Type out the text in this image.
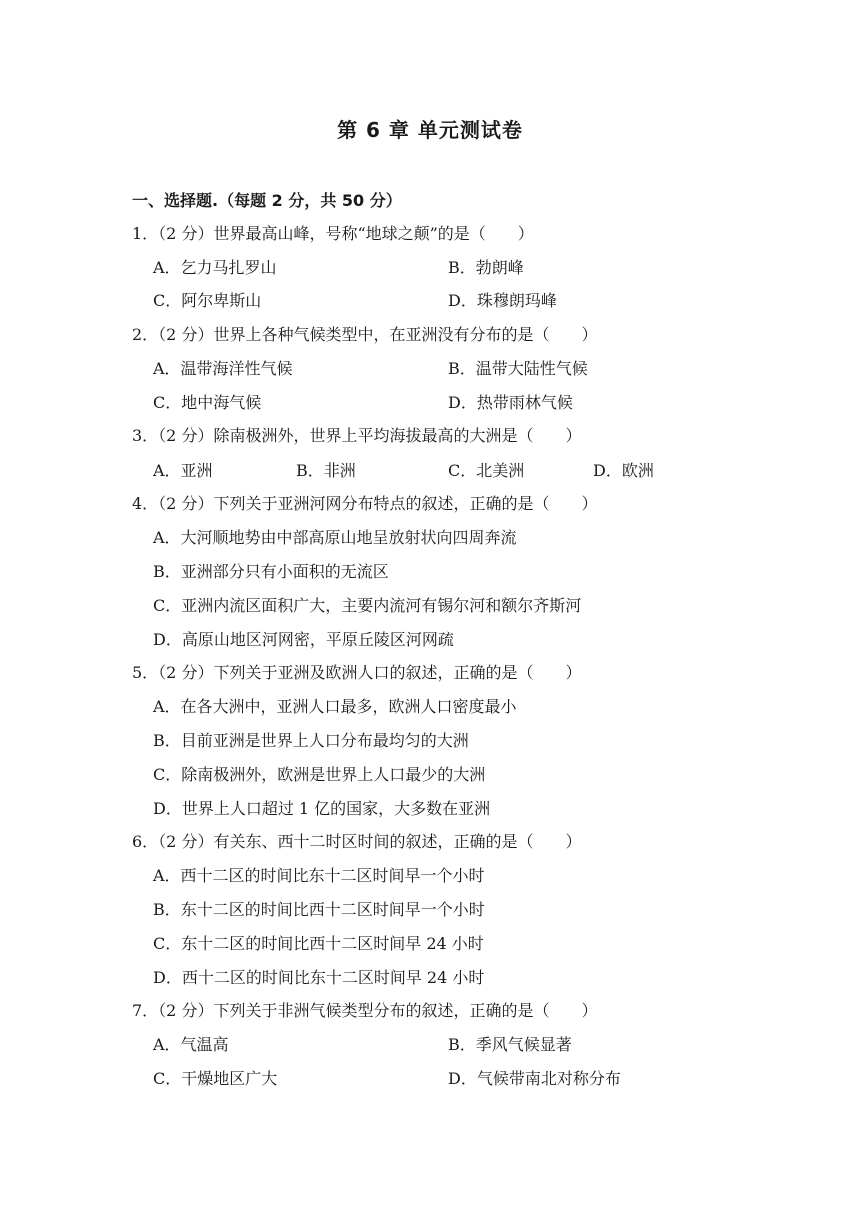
第 6 章 单元测试卷
一、选择题.（每题 2 分，共 50 分）
1．（2 分）世界最高山峰，号称“地球之颠”的是（　　）
A．乞力马扎罗山	B．勃朗峰
C．阿尔卑斯山	D．珠穆朗玛峰
2．（2 分）世界上各种气候类型中，在亚洲没有分布的是（　　）
A．温带海洋性气候	B．温带大陆性气候
C．地中海气候	D．热带雨林气候
3．（2 分）除南极洲外，世界上平均海拔最高的大洲是（　　）
A．亚洲	B．非洲	C．北美洲	D．欧洲
4．（2 分）下列关于亚洲河网分布特点的叙述，正确的是（　　）
A．大河顺地势由中部高原山地呈放射状向四周奔流
B．亚洲部分只有小面积的无流区
C．亚洲内流区面积广大，主要内流河有锡尔河和额尔齐斯河
D．高原山地区河网密，平原丘陵区河网疏
5．（2 分）下列关于亚洲及欧洲人口的叙述，正确的是（　　）
A．在各大洲中，亚洲人口最多，欧洲人口密度最小
B．目前亚洲是世界上人口分布最均匀的大洲
C．除南极洲外，欧洲是世界上人口最少的大洲
D．世界上人口超过 1 亿的国家，大多数在亚洲
6．（2 分）有关东、西十二时区时间的叙述，正确的是（　　）
A．西十二区的时间比东十二区时间早一个小时
B．东十二区的时间比西十二区时间早一个小时
C．东十二区的时间比西十二区时间早 24 小时
D．西十二区的时间比东十二区时间早 24 小时
7．（2 分）下列关于非洲气候类型分布的叙述，正确的是（　　）
A．气温高	B．季风气候显著
C．干燥地区广大	D．气候带南北对称分布
